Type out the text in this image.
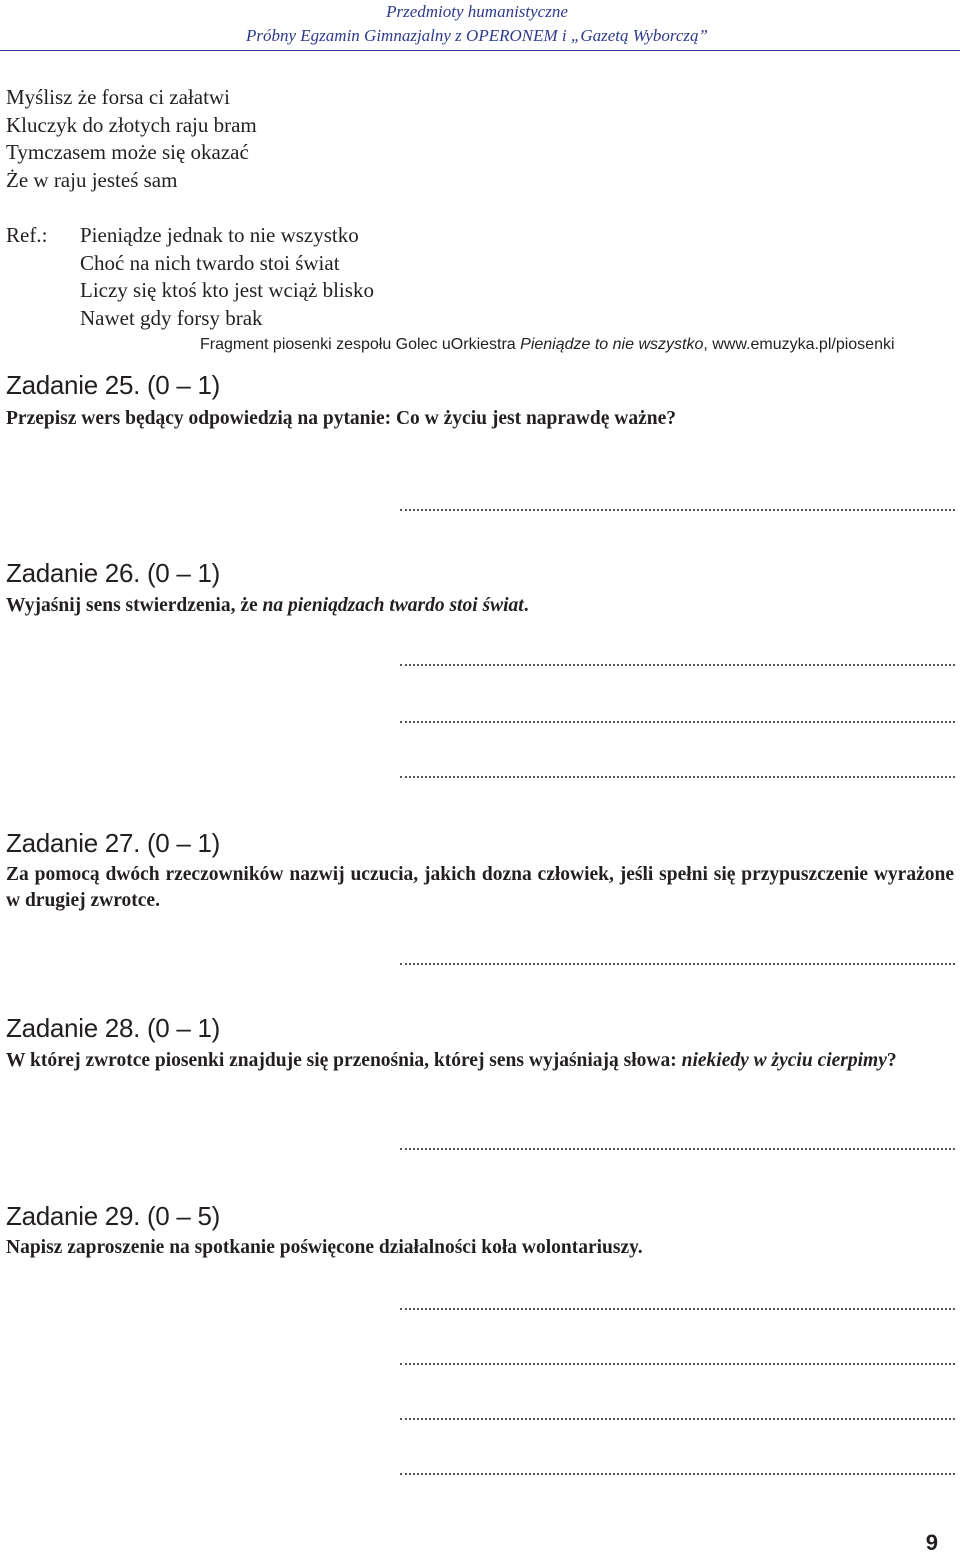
Przedmioty humanistyczne
Próbny Egzamin Gimnazjalny z OPERONEM i „Gazetą Wyborczą”
Myślisz że forsa ci załatwi
Kluczyk do złotych raju bram
Tymczasem może się okazać
Że w raju jesteś sam
Ref.: Pieniądze jednak to nie wszystko
Choć na nich twardo stoi świat
Liczy się ktoś kto jest wciąż blisko
Nawet gdy forsy brak
Fragment piosenki zespołu Golec uOrkiestra Pieniądze to nie wszystko, www.emuzyka.pl/piosenki
Zadanie 25. (0 – 1)
Przepisz wers będący odpowiedzią na pytanie: Co w życiu jest naprawdę ważne?
Zadanie 26. (0 – 1)
Wyjaśnij sens stwierdzenia, że na pieniądzach twardo stoi świat.
Zadanie 27. (0 – 1)
Za pomocą dwóch rzeczowników nazwij uczucia, jakich dozna człowiek, jeśli spełni się przypuszczenie wyrażone w drugiej zwrotce.
Zadanie 28. (0 – 1)
W której zwrotce piosenki znajduje się przenośnia, której sens wyjaśniają słowa: niekiedy w życiu cierpimy?
Zadanie 29. (0 – 5)
Napisz zaproszenie na spotkanie poświęcone działalności koła wolontariuszy.
9
